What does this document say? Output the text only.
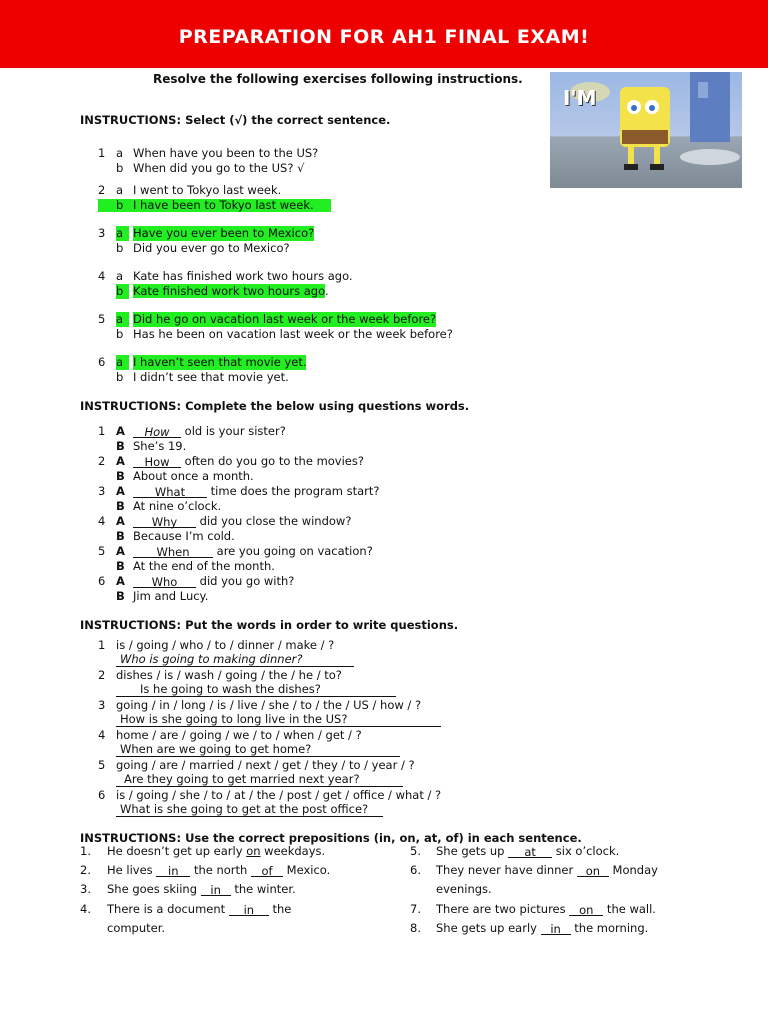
PREPARATION FOR AH1 FINAL EXAM!
Resolve the following exercises following instructions.
I'M
INSTRUCTIONS: Select (√) the correct sentence.
1 a When have you been to the US?
b When did you go to the US? √
2 a I went to Tokyo last week.
b I have been to Tokyo last week.
3 a Have you ever been to Mexico?
b Did you ever go to Mexico?
4 a Kate has finished work two hours ago.
b Kate finished work two hours ago.
5 a Did he go on vacation last week or the week before?
b Has he been on vacation last week or the week before?
6 a I haven’t seen that movie yet.
b I didn’t see that movie yet.
INSTRUCTIONS: Complete the below using questions words.
1 A	How old is your sister?
B She’s 19.
2 A	How often do you go to the movies?
B About once a month.
3 A	What time does the program start?
B At nine o’clock.
4 A	Why did you close the window?
B Because I’m cold.
5 A	When are you going on vacation?
B At the end of the month.
6 A	Who did you go with?
B Jim and Lucy.
INSTRUCTIONS: Put the words in order to write questions.
1 is / going / who / to / dinner / make / ?
Who is going to making dinner?
2 dishes / is / wash / going / the / he / to?
Is he going to wash the dishes?
3 going / in / long / is / live / she / to / the / US / how / ?
How is she going to long live in the US?
4 home / are / going / we / to / when / get / ?
When are we going to get home?
5 going / are / married / next / get / they / to / year / ?
Are they going to get married next year?
6 is / going / she / to / at / the / post / get / office / what / ?
What is she going to get at the post office?
INSTRUCTIONS: Use the correct prepositions (in, on, at, of) in each sentence.
1. He doesn’t get up early on weekdays.
2. He lives in the north of Mexico.
3. She goes skiing in the winter.
4. There is a document in the
computer.
5. She gets up at six o’clock.
6. They never have dinner on Monday
evenings.
7. There are two pictures on the wall.
8. She gets up early in the morning.
